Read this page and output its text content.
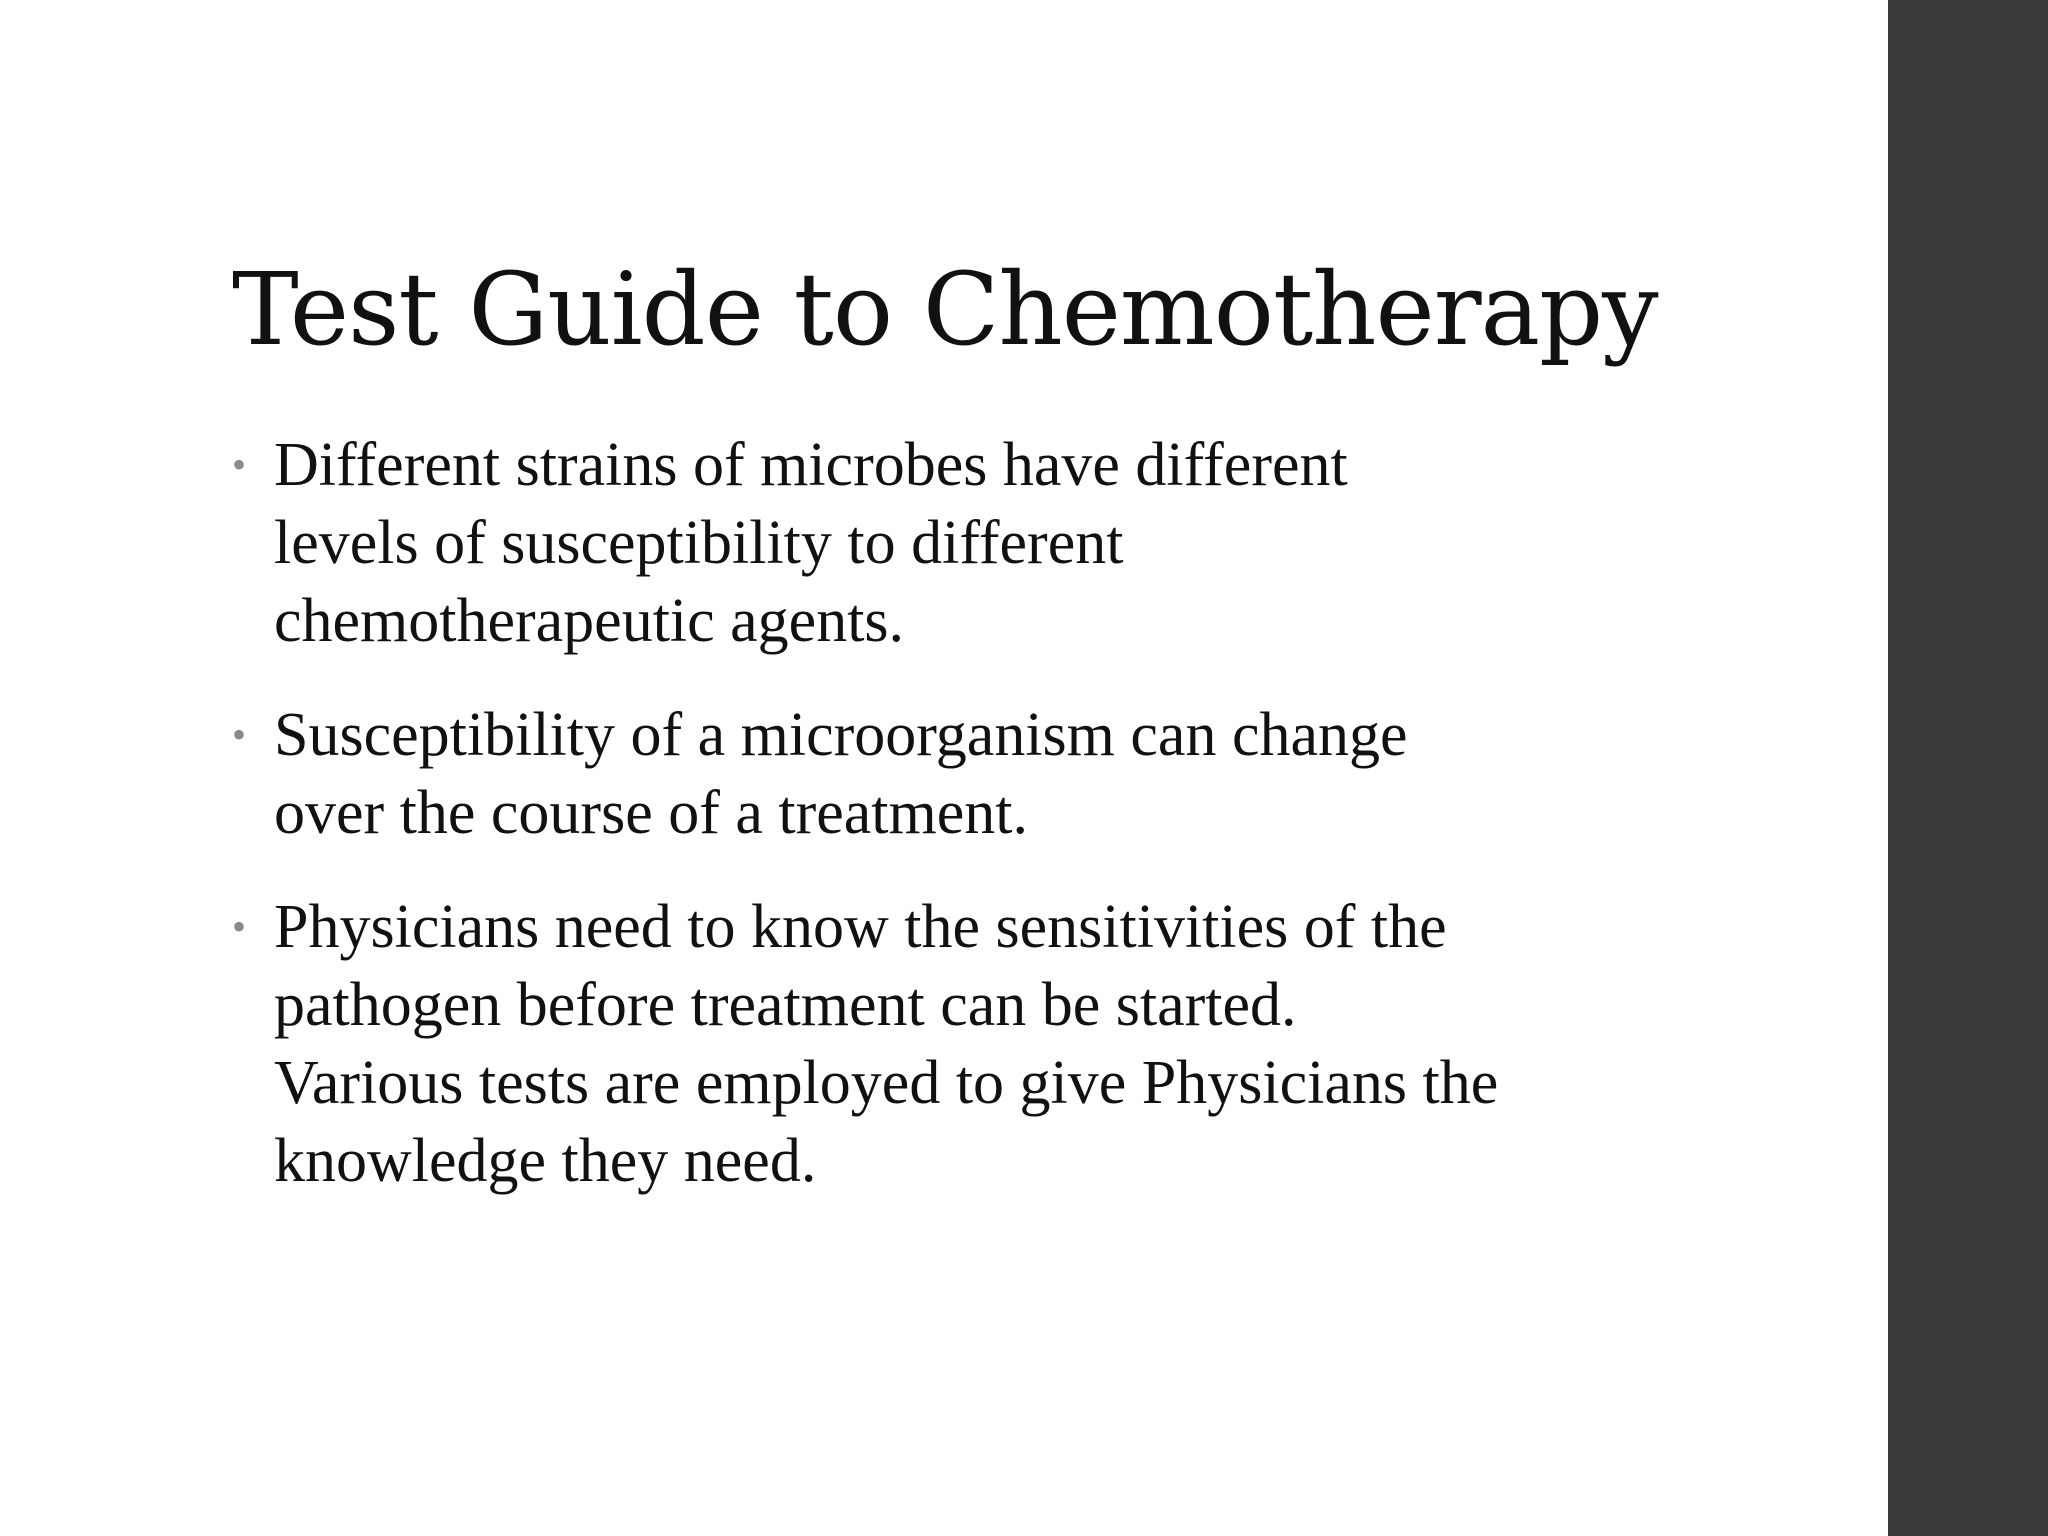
Test Guide to Chemotherapy
• Different strains of microbes have different
levels of susceptibility to different
chemotherapeutic agents.
• Susceptibility of a microorganism can change
over the course of a treatment.
• Physicians need to know the sensitivities of the
pathogen before treatment can be started.
Various tests are employed to give Physicians the
knowledge they need.
